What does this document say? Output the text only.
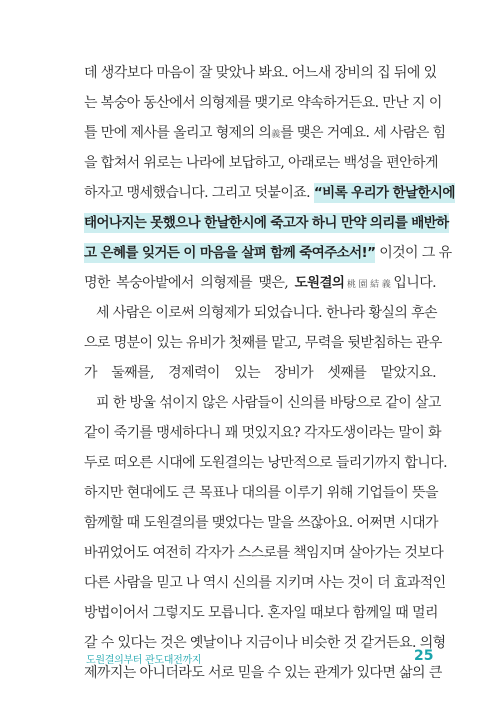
데 생각보다 마음이 잘 맞았나 봐요. 어느새 장비의 집 뒤에 있
는 복숭아 동산에서 의형제를 맺기로 약속하거든요. 만난 지 이
틀 만에 제사를 올리고 형제의 의義를 맺은 거예요. 세 사람은 힘
을 합쳐서 위로는 나라에 보답하고, 아래로는 백성을 편안하게
하자고 맹세했습니다. 그리고 덧붙이죠. “비록 우리가 한날한시에
태어나지는 못했으나 한날한시에 죽고자 하니 만약 의리를 배반하
고 은혜를 잊거든 이 마음을 살펴 함께 죽여주소서!” 이것이 그 유
명한 복숭아밭에서 의형제를 맺은, 도원결의桃園結義입니다.
세 사람은 이로써 의형제가 되었습니다. 한나라 황실의 후손
으로 명분이 있는 유비가 첫째를 맡고, 무력을 뒷받침하는 관우
가 둘째를, 경제력이 있는 장비가 셋째를 맡았지요.
피 한 방울 섞이지 않은 사람들이 신의를 바탕으로 같이 살고
같이 죽기를 맹세하다니 꽤 멋있지요? 각자도생이라는 말이 화
두로 떠오른 시대에 도원결의는 낭만적으로 들리기까지 합니다.
하지만 현대에도 큰 목표나 대의를 이루기 위해 기업들이 뜻을
함께할 때 도원결의를 맺었다는 말을 쓰잖아요. 어쩌면 시대가
바뀌었어도 여전히 각자가 스스로를 책임지며 살아가는 것보다
다른 사람을 믿고 나 역시 신의를 지키며 사는 것이 더 효과적인
방법이어서 그렇지도 모릅니다. 혼자일 때보다 함께일 때 멀리
갈 수 있다는 것은 옛날이나 지금이나 비슷한 것 같거든요. 의형
제까지는 아니더라도 서로 믿을 수 있는 관계가 있다면 삶의 큰
도원결의부터 관도대전까지	25
